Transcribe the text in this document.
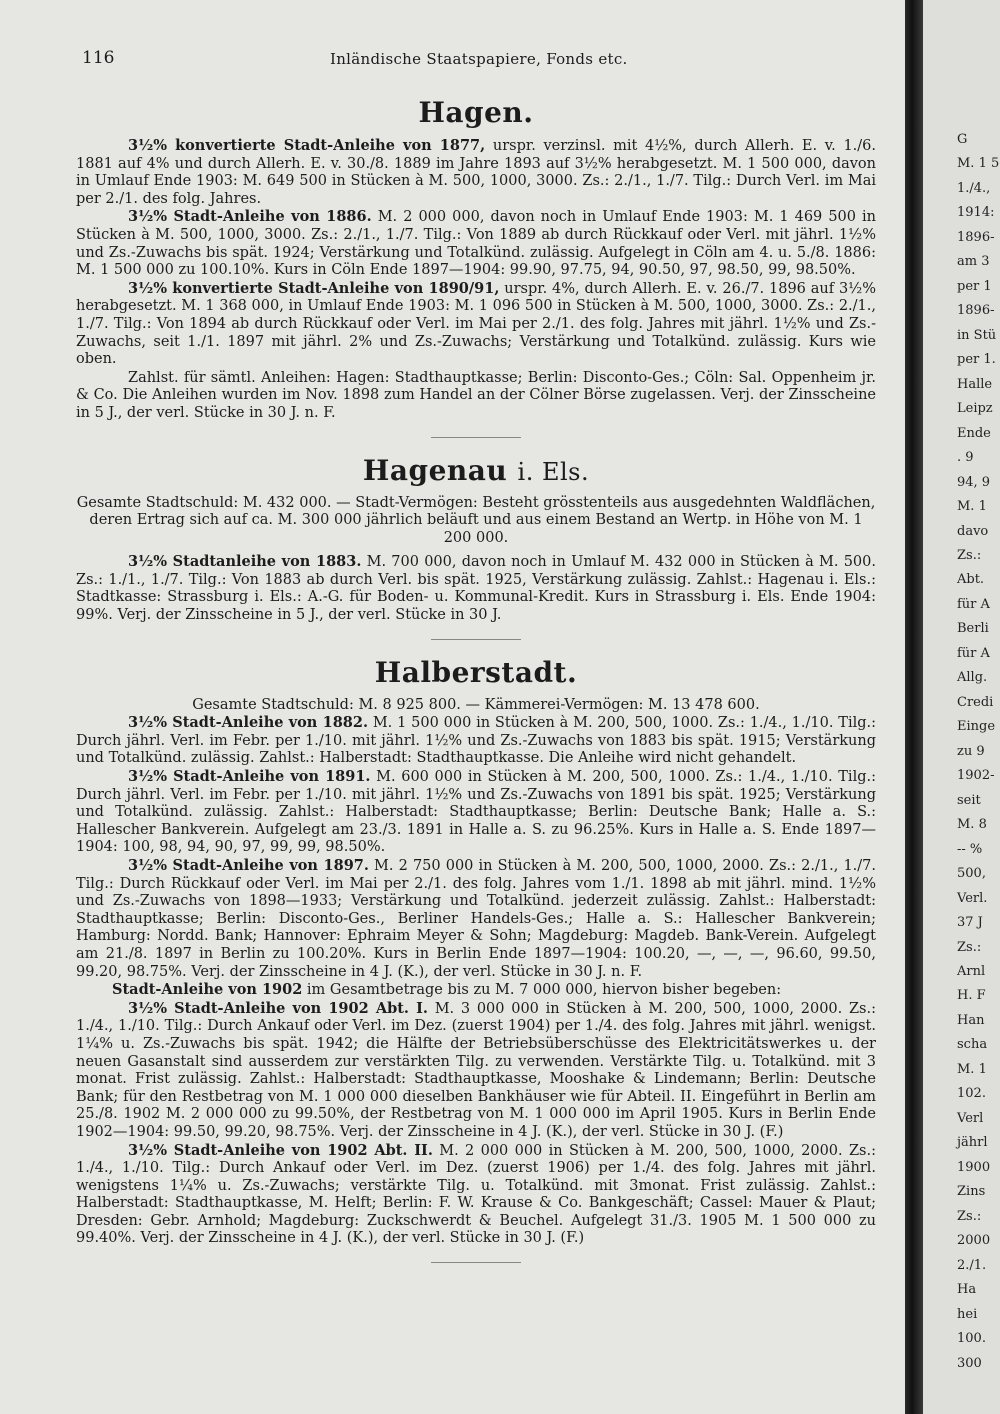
116	Inländische Staatspapiere, Fonds etc.
Hagen.

3½% konvertierte Stadt-Anleihe von 1877, urspr. verzinsl. mit 4½%, durch Allerh. E. v. 1./6. 1881 auf 4% und durch Allerh. E. v. 30./8. 1889 im Jahre 1893 auf 3½% herabgesetzt. M. 1 500 000, davon in Umlauf Ende 1903: M. 649 500 in Stücken à M. 500, 1000, 3000. Zs.: 2./1., 1./7. Tilg.: Durch Verl. im Mai per 2./1. des folg. Jahres.

3½% Stadt-Anleihe von 1886. M. 2 000 000, davon noch in Umlauf Ende 1903: M. 1 469 500 in Stücken à M. 500, 1000, 3000. Zs.: 2./1., 1./7. Tilg.: Von 1889 ab durch Rückkauf oder Verl. mit jährl. 1½% und Zs.-Zuwachs bis spät. 1924; Verstärkung und Totalkünd. zulässig. Aufgelegt in Cöln am 4. u. 5./8. 1886: M. 1 500 000 zu 100.10%. Kurs in Cöln Ende 1897—1904: 99.90, 97.75, 94, 90.50, 97, 98.50, 99, 98.50%.

3½% konvertierte Stadt-Anleihe von 1890/91, urspr. 4%, durch Allerh. E. v. 26./7. 1896 auf 3½% herabgesetzt. M. 1 368 000, in Umlauf Ende 1903: M. 1 096 500 in Stücken à M. 500, 1000, 3000. Zs.: 2./1., 1./7. Tilg.: Von 1894 ab durch Rückkauf oder Verl. im Mai per 2./1. des folg. Jahres mit jährl. 1½% und Zs.-Zuwachs, seit 1./1. 1897 mit jährl. 2% und Zs.-Zuwachs; Verstärkung und Totalkünd. zulässig. Kurs wie oben.

Zahlst. für sämtl. Anleihen: Hagen: Stadthauptkasse; Berlin: Disconto-Ges.; Cöln: Sal. Oppenheim jr. & Co. Die Anleihen wurden im Nov. 1898 zum Handel an der Cölner Börse zugelassen. Verj. der Zinsscheine in 5 J., der verl. Stücke in 30 J. n. F.

Hagenau i. Els.

Gesamte Stadtschuld: M. 432 000. — Stadt-Vermögen: Besteht grösstenteils aus ausgedehnten Waldflächen, deren Ertrag sich auf ca. M. 300 000 jährlich beläuft und aus einem Bestand an Wertp. in Höhe von M. 1 200 000.

3½% Stadtanleihe von 1883. M. 700 000, davon noch in Umlauf M. 432 000 in Stücken à M. 500. Zs.: 1./1., 1./7. Tilg.: Von 1883 ab durch Verl. bis spät. 1925, Verstärkung zulässig. Zahlst.: Hagenau i. Els.: Stadtkasse: Strassburg i. Els.: A.-G. für Boden- u. Kommunal-Kredit. Kurs in Strassburg i. Els. Ende 1904: 99%. Verj. der Zinsscheine in 5 J., der verl. Stücke in 30 J.

Halberstadt.

Gesamte Stadtschuld: M. 8 925 800. — Kämmerei-Vermögen: M. 13 478 600.

3½% Stadt-Anleihe von 1882. M. 1 500 000 in Stücken à M. 200, 500, 1000. Zs.: 1./4., 1./10. Tilg.: Durch jährl. Verl. im Febr. per 1./10. mit jährl. 1½% und Zs.-Zuwachs von 1883 bis spät. 1915; Verstärkung und Totalkünd. zulässig. Zahlst.: Halberstadt: Stadthauptkasse. Die Anleihe wird nicht gehandelt.

3½% Stadt-Anleihe von 1891. M. 600 000 in Stücken à M. 200, 500, 1000. Zs.: 1./4., 1./10. Tilg.: Durch jährl. Verl. im Febr. per 1./10. mit jährl. 1½% und Zs.-Zuwachs von 1891 bis spät. 1925; Verstärkung und Totalkünd. zulässig. Zahlst.: Halberstadt: Stadthauptkasse; Berlin: Deutsche Bank; Halle a. S.: Hallescher Bankverein. Aufgelegt am 23./3. 1891 in Halle a. S. zu 96.25%. Kurs in Halle a. S. Ende 1897—1904: 100, 98, 94, 90, 97, 99, 99, 98.50%.

3½% Stadt-Anleihe von 1897. M. 2 750 000 in Stücken à M. 200, 500, 1000, 2000. Zs.: 2./1., 1./7. Tilg.: Durch Rückkauf oder Verl. im Mai per 2./1. des folg. Jahres vom 1./1. 1898 ab mit jährl. mind. 1½% und Zs.-Zuwachs von 1898—1933; Verstärkung und Totalkünd. jederzeit zulässig. Zahlst.: Halberstadt: Stadthauptkasse; Berlin: Disconto-Ges., Berliner Handels-Ges.; Halle a. S.: Hallescher Bankverein; Hamburg: Nordd. Bank; Hannover: Ephraim Meyer & Sohn; Magdeburg: Magdeb. Bank-Verein. Aufgelegt am 21./8. 1897 in Berlin zu 100.20%. Kurs in Berlin Ende 1897—1904: 100.20, —, —, —, 96.60, 99.50, 99.20, 98.75%. Verj. der Zinsscheine in 4 J. (K.), der verl. Stücke in 30 J. n. F.

Stadt-Anleihe von 1902 im Gesamtbetrage bis zu M. 7 000 000, hiervon bisher begeben:

3½% Stadt-Anleihe von 1902 Abt. I. M. 3 000 000 in Stücken à M. 200, 500, 1000, 2000. Zs.: 1./4., 1./10. Tilg.: Durch Ankauf oder Verl. im Dez. (zuerst 1904) per 1./4. des folg. Jahres mit jährl. wenigst. 1¼% u. Zs.-Zuwachs bis spät. 1942; die Hälfte der Betriebsüberschüsse des Elektricitätswerkes u. der neuen Gasanstalt sind ausserdem zur verstärkten Tilg. zu verwenden. Verstärkte Tilg. u. Totalkünd. mit 3 monat. Frist zulässig. Zahlst.: Halberstadt: Stadthauptkasse, Mooshake & Lindemann; Berlin: Deutsche Bank; für den Restbetrag von M. 1 000 000 dieselben Bankhäuser wie für Abteil. II. Eingeführt in Berlin am 25./8. 1902 M. 2 000 000 zu 99.50%, der Restbetrag von M. 1 000 000 im April 1905. Kurs in Berlin Ende 1902—1904: 99.50, 99.20, 98.75%. Verj. der Zinsscheine in 4 J. (K.), der verl. Stücke in 30 J. (F.)

3½% Stadt-Anleihe von 1902 Abt. II. M. 2 000 000 in Stücken à M. 200, 500, 1000, 2000. Zs.: 1./4., 1./10. Tilg.: Durch Ankauf oder Verl. im Dez. (zuerst 1906) per 1./4. des folg. Jahres mit jährl. wenigstens 1¼% u. Zs.-Zuwachs; verstärkte Tilg. u. Totalkünd. mit 3monat. Frist zulässig. Zahlst.: Halberstadt: Stadthauptkasse, M. Helft; Berlin: F. W. Krause & Co. Bankgeschäft; Cassel: Mauer & Plaut; Dresden: Gebr. Arnhold; Magdeburg: Zuckschwerdt & Beuchel. Aufgelegt 31./3. 1905 M. 1 500 000 zu 99.40%. Verj. der Zinsscheine in 4 J. (K.), der verl. Stücke in 30 J. (F.)

G
M. 1 5
1./4.,
1914:
1896-
am 3
per 1
1896-
in Stü
per 1.
Halle
Leipz
Ende
. 9
94, 9
M. 1
davo
Zs.:
Abt.
für A
Berli
für A
Allg.
Credi
Einge
zu 9
1902-
seit
M. 8
-- %
500,
Verl.
37 J
Zs.:
Arnl
H. F
Han
scha
M. 1
102.
Verl
jährl
1900
Zins
Zs.:
2000
2./1.
Ha
hei
100.
300
